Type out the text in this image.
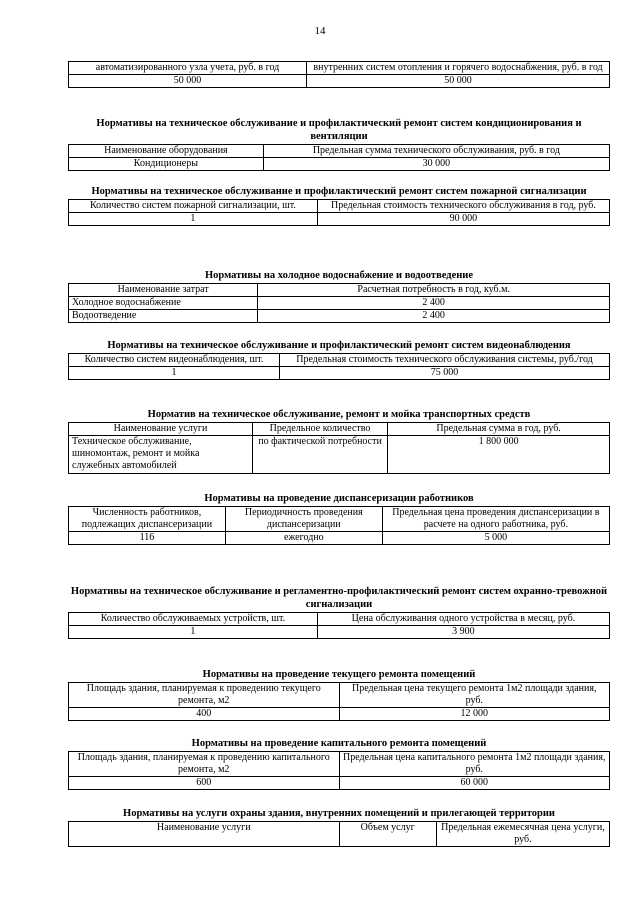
14
автоматизированного узла учета, руб. в год	внутренних систем отопления и горячего водоснабжения, руб. в год
50 000	50 000
Нормативы на техническое обслуживание и профилактический ремонт систем кондиционирования и вентиляции
Наименование оборудования	Предельная сумма технического обслуживания, руб. в год
Кондиционеры	30 000
Нормативы на техническое обслуживание и профилактический ремонт систем пожарной сигнализации
Количество систем пожарной сигнализации, шт.	Предельная стоимость технического обслуживания в год, руб.
1	90 000
Нормативы на холодное водоснабжение и водоотведение
Наименование затрат	Расчетная потребность в год, куб.м.
Холодное водоснабжение	2 400
Водоотведение	2 400
Нормативы на техническое обслуживание и профилактический ремонт систем видеонаблюдения
Количество систем видеонаблюдения, шт.	Предельная стоимость технического обслуживания системы, руб./год
1	75 000
Норматив на техническое обслуживание, ремонт и мойка транспортных средств
Наименование услуги	Предельное количество	Предельная сумма в год, руб.
Техническое обслуживание, шиномонтаж, ремонт и мойка служебных автомобилей	по фактической потребности	1 800 000
Нормативы на проведение диспансеризации работников
Численность работников, подлежащих диспансеризации	Периодичность проведения диспансеризации	Предельная цена проведения диспансеризации в расчете на одного работника, руб.
116	ежегодно	5 000
Нормативы на техническое обслуживание и регламентно-профилактический ремонт систем охранно-тревожной сигнализации
Количество обслуживаемых устройств, шт.	Цена обслуживания одного устройства в месяц, руб.
1	3 900
Нормативы на проведение текущего ремонта помещений
Площадь здания, планируемая к проведению текущего ремонта, м2	Предельная цена текущего ремонта 1м2 площади здания, руб.
400	12 000
Нормативы на проведение капитального ремонта помещений
Площадь здания, планируемая к проведению капитального ремонта, м2	Предельная цена капитального ремонта 1м2 площади здания, руб.
600	60 000
Нормативы на услуги охраны здания, внутренних помещений и прилегающей территории
Наименование услуги	Объем услуг	Предельная ежемесячная цена услуги, руб.
